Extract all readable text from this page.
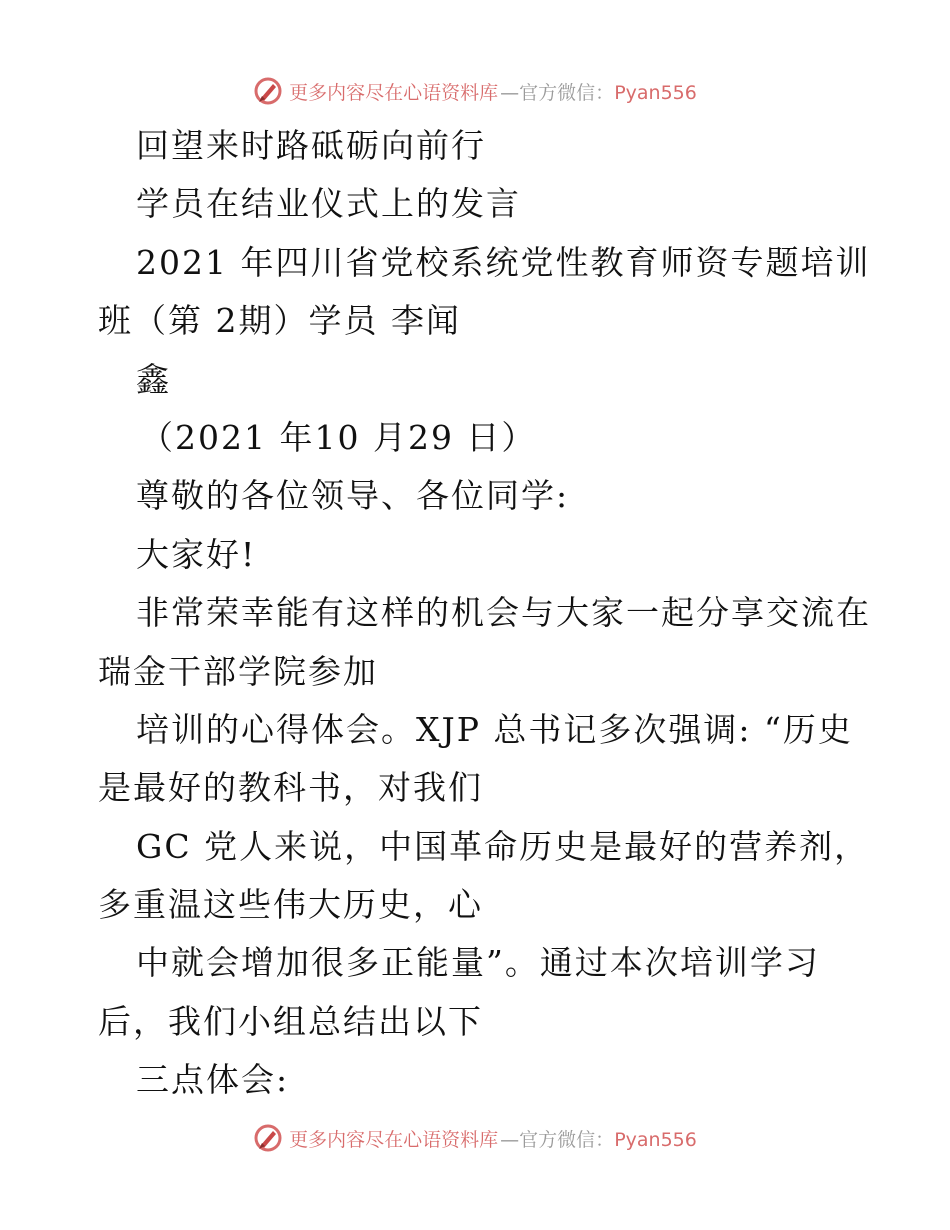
更多内容尽在心语资料库 —官方微信：Pyan556
回望来时路砥砺向前行
学员在结业仪式上的发言
2021 年四川省党校系统党性教育师资专题培训
班（第 2期）学员 李闻
鑫
（2021 年10 月29 日）
尊敬的各位领导、各位同学:
大家好!
非常荣幸能有这样的机会与大家一起分享交流在
瑞金干部学院参加
培训的心得体会。XJP 总书记多次强调: “历史
是最好的教科书，对我们
GC 党人来说，中国革命历史是最好的营养剂，
多重温这些伟大历史，心
中就会增加很多正能量”。通过本次培训学习
后，我们小组总结出以下
三点体会:
更多内容尽在心语资料库 —官方微信：Pyan556
